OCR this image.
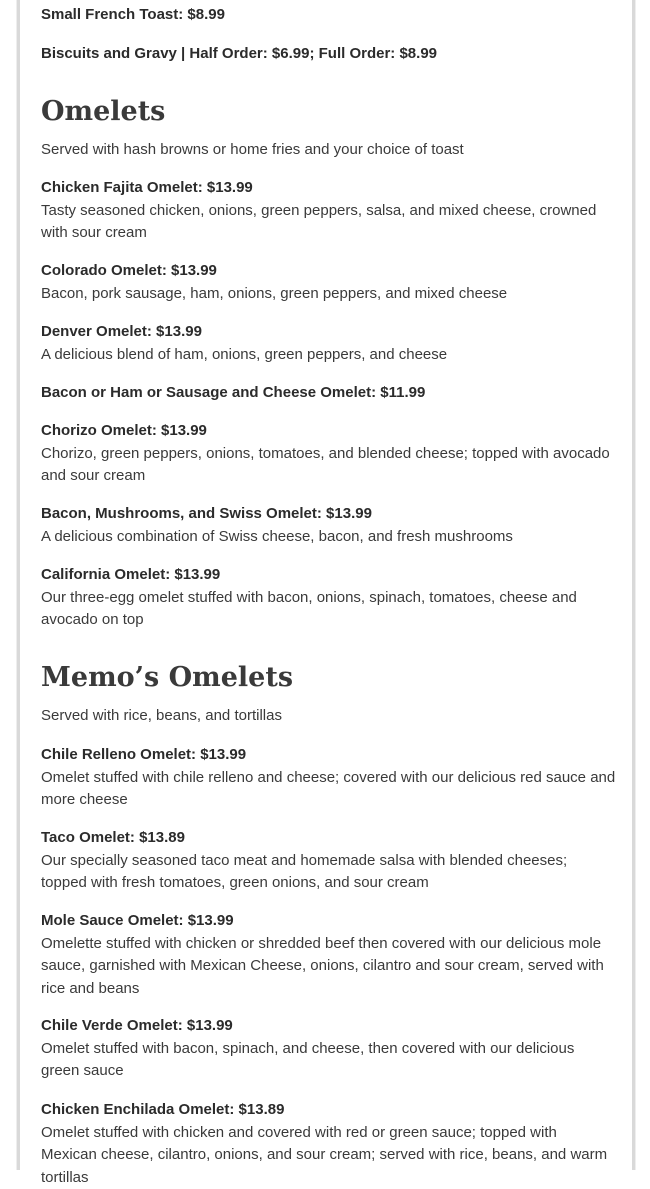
Small French Toast: $8.99

Biscuits and Gravy | Half Order: $6.99; Full Order: $8.99

Omelets

Served with hash browns or home fries and your choice of toast

Chicken Fajita Omelet: $13.99
Tasty seasoned chicken, onions, green peppers, salsa, and mixed cheese, crowned with sour cream

Colorado Omelet: $13.99
Bacon, pork sausage, ham, onions, green peppers, and mixed cheese

Denver Omelet: $13.99
A delicious blend of ham, onions, green peppers, and cheese

Bacon or Ham or Sausage and Cheese Omelet: $11.99

Chorizo Omelet: $13.99
Chorizo, green peppers, onions, tomatoes, and blended cheese; topped with avocado and sour cream

Bacon, Mushrooms, and Swiss Omelet: $13.99
A delicious combination of Swiss cheese, bacon, and fresh mushrooms

California Omelet: $13.99
Our three-egg omelet stuffed with bacon, onions, spinach, tomatoes, cheese and avocado on top

Memo’s Omelets

Served with rice, beans, and tortillas

Chile Relleno Omelet: $13.99
Omelet stuffed with chile relleno and cheese; covered with our delicious red sauce and more cheese

Taco Omelet: $13.89
Our specially seasoned taco meat and homemade salsa with blended cheeses; topped with fresh tomatoes, green onions, and sour cream

Mole Sauce Omelet: $13.99
Omelette stuffed with chicken or shredded beef then covered with our delicious mole sauce, garnished with Mexican Cheese, onions, cilantro and sour cream, served with rice and beans

Chile Verde Omelet: $13.99
Omelet stuffed with bacon, spinach, and cheese, then covered with our delicious green sauce

Chicken Enchilada Omelet: $13.89
Omelet stuffed with chicken and covered with red or green sauce; topped with Mexican cheese, cilantro, onions, and sour cream; served with rice, beans, and warm tortillas
